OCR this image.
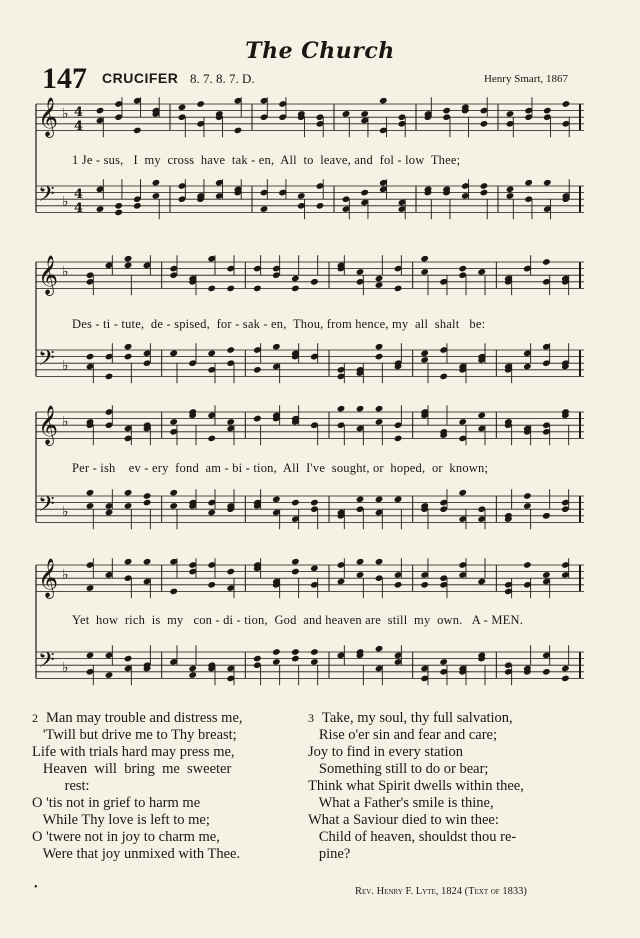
The Church
147 CRUCIFER 8. 7. 8. 7. D.	Henry Smart, 1867
𝄞 ♭ 4
4
𝄢 ♭ 4
4
𝄞 ♭
𝄢 ♭
𝄞 ♭
𝄢 ♭
𝄞 ♭
𝄢 ♭
1 Je - sus,   I  my  cross  have  tak - en,  All  to  leave, and  fol - low  Thee;
Des - ti - tute,  de - spised,  for - sak - en,  Thou, from hence, my  all  shalt   be:
Per - ish    ev - ery  fond  am - bi - tion,  All  I've  sought, or  hoped,  or  known;
Yet  how  rich  is  my   con - di - tion,  God  and heaven are  still  my  own.   A - MEN.
2 Man may trouble and distress me,
'Twill but drive me to Thy breast;
Life with trials hard may press me,
Heaven  will  bring  me  sweeter
rest:
O 'tis not in grief to harm me
While Thy love is left to me;
O 'twere not in joy to charm me,
Were that joy unmixed with Thee.
3 Take, my soul, thy full salvation,
Rise o'er sin and fear and care;
Joy to find in every station
Something still to do or bear;
Think what Spirit dwells within thee,
What a Father's smile is thine,
What a Saviour died to win thee:
Child of heaven, shouldst thou re-
pine?
Rev. Henry F. Lyte, 1824 (Text of 1833)
•
